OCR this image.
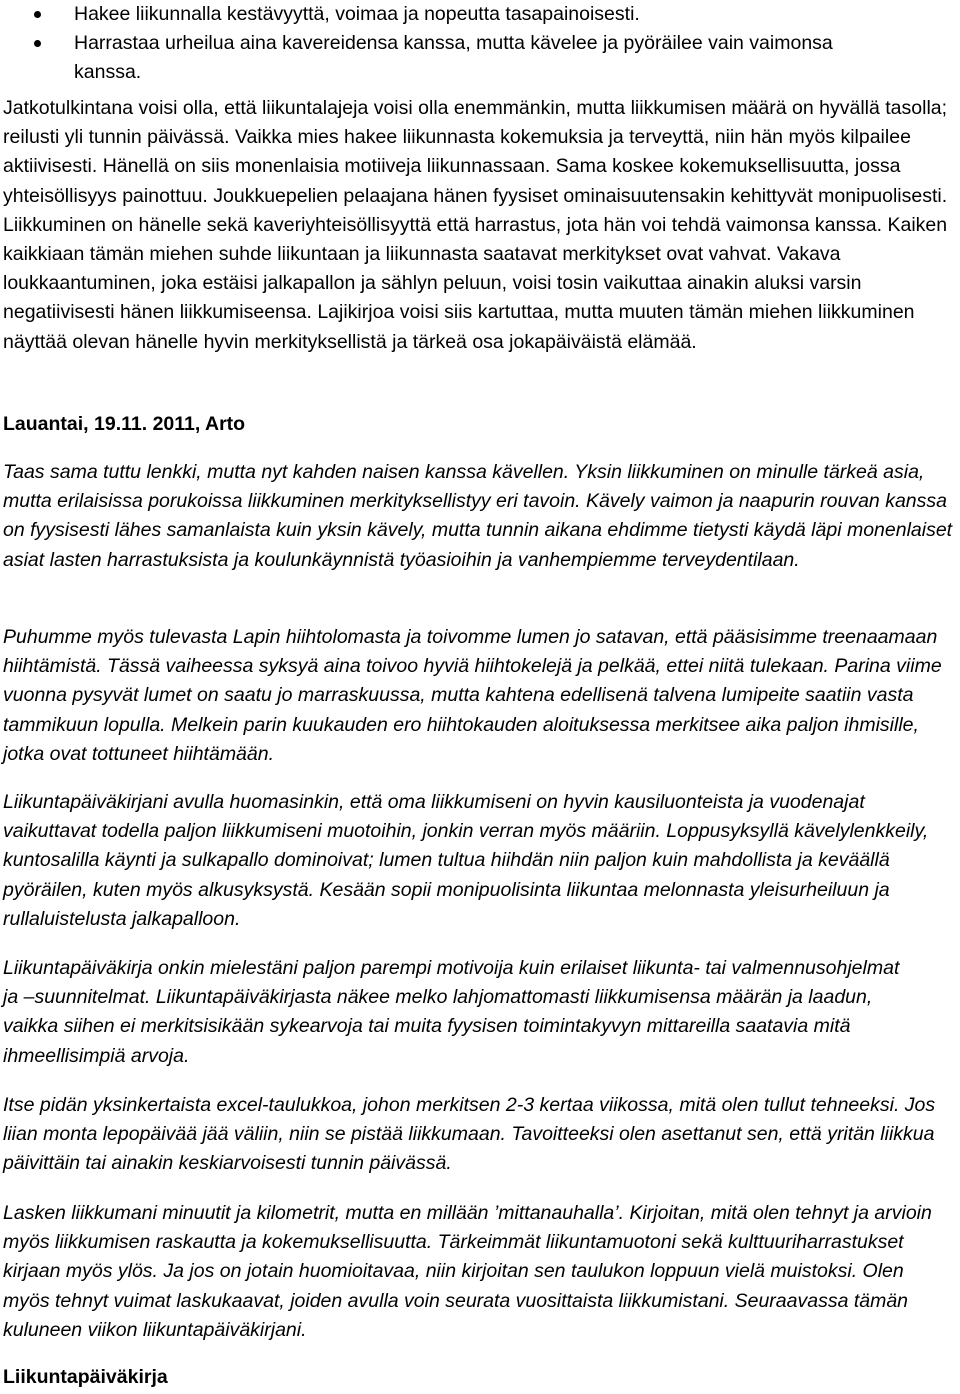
Hakee liikunnalla kestävyyttä, voimaa ja nopeutta tasapainoisesti.
Harrastaa urheilua aina kavereidensa kanssa, mutta kävelee ja pyöräilee vain vaimonsa kanssa.

Jatkotulkintana voisi olla, että liikuntalajeja voisi olla enemmänkin, mutta liikkumisen määrä on hyvällä tasolla; reilusti yli tunnin päivässä. Vaikka mies hakee liikunnasta kokemuksia ja terveyttä, niin hän myös kilpailee aktiivisesti. Hänellä on siis monenlaisia motiiveja liikunnassaan. Sama koskee kokemuksellisuutta, jossa yhteisöllisyys painottuu. Joukkuepelien pelaajana hänen fyysiset ominaisuutensakin kehittyvät monipuolisesti. Liikkuminen on hänelle sekä kaveriyhteisöllisyyttä että harrastus, jota hän voi tehdä vaimonsa kanssa. Kaiken kaikkiaan tämän miehen suhde liikuntaan ja liikunnasta saatavat merkitykset ovat vahvat. Vakava loukkaantuminen, joka estäisi jalkapallon ja sählyn peluun, voisi tosin vaikuttaa ainakin aluksi varsin negatiivisesti hänen liikkumiseensa. Lajikirjoa voisi siis kartuttaa, mutta muuten tämän miehen liikkuminen näyttää olevan hänelle hyvin merkityksellistä ja tärkeä osa jokapäiväistä elämää.

Lauantai, 19.11. 2011, Arto

Taas sama tuttu lenkki, mutta nyt kahden naisen kanssa kävellen. Yksin liikkuminen on minulle tärkeä asia, mutta erilaisissa porukoissa liikkuminen merkityksellistyy eri tavoin. Kävely vaimon ja naapurin rouvan kanssa on fyysisesti lähes samanlaista kuin yksin kävely, mutta tunnin aikana ehdimme tietysti käydä läpi monenlaiset asiat lasten harrastuksista ja koulunkäynnistä työasioihin ja vanhempiemme terveydentilaan.

Puhumme myös tulevasta Lapin hiihtolomasta ja toivomme lumen jo satavan, että pääsisimme treenaamaan hiihtämistä. Tässä vaiheessa syksyä aina toivoo hyviä hiihtokelejä ja pelkää, ettei niitä tulekaan. Parina viime vuonna pysyvät lumet on saatu jo marraskuussa, mutta kahtena edellisenä talvena lumipeite saatiin vasta tammikuun lopulla. Melkein parin kuukauden ero hiihtokauden aloituksessa merkitsee aika paljon ihmisille, jotka ovat tottuneet hiihtämään.

Liikuntapäiväkirjani avulla huomasinkin, että oma liikkumiseni on hyvin kausiluonteista ja vuodenajat vaikuttavat todella paljon liikkumiseni muotoihin, jonkin verran myös määriin. Loppusyksyllä kävelylenkkeily, kuntosalilla käynti ja sulkapallo dominoivat; lumen tultua hiihdän niin paljon kuin mahdollista ja keväällä pyöräilen, kuten myös alkusyksystä. Kesään sopii monipuolisinta liikuntaa melonnasta yleisurheiluun ja rullaluistelusta jalkapalloon.

Liikuntapäiväkirja onkin mielestäni paljon parempi motivoija kuin erilaiset liikunta- tai valmennusohjelmat ja –suunnitelmat. Liikuntapäiväkirjasta näkee melko lahjomattomasti liikkumisensa määrän ja laadun, vaikka siihen ei merkitsisikään sykearvoja tai muita fyysisen toimintakyvyn mittareilla saatavia mitä ihmeellisimpiä arvoja.

Itse pidän yksinkertaista excel-taulukkoa, johon merkitsen 2-3 kertaa viikossa, mitä olen tullut tehneeksi. Jos liian monta lepopäivää jää väliin, niin se pistää liikkumaan. Tavoitteeksi olen asettanut sen, että yritän liikkua päivittäin tai ainakin keskiarvoisesti tunnin päivässä.

Lasken liikkumani minuutit ja kilometrit, mutta en millään ’mittanauhalla’. Kirjoitan, mitä olen tehnyt ja arvioin myös liikkumisen raskautta ja kokemuksellisuutta. Tärkeimmät liikuntamuotoni sekä kulttuuriharrastukset kirjaan myös ylös. Ja jos on jotain huomioitavaa, niin kirjoitan sen taulukon loppuun vielä muistoksi. Olen myös tehnyt vuimat laskukaavat, joiden avulla voin seurata vuosittaista liikkumistani. Seuraavassa tämän kuluneen viikon liikuntapäiväkirjani.

Liikuntapäiväkirja
